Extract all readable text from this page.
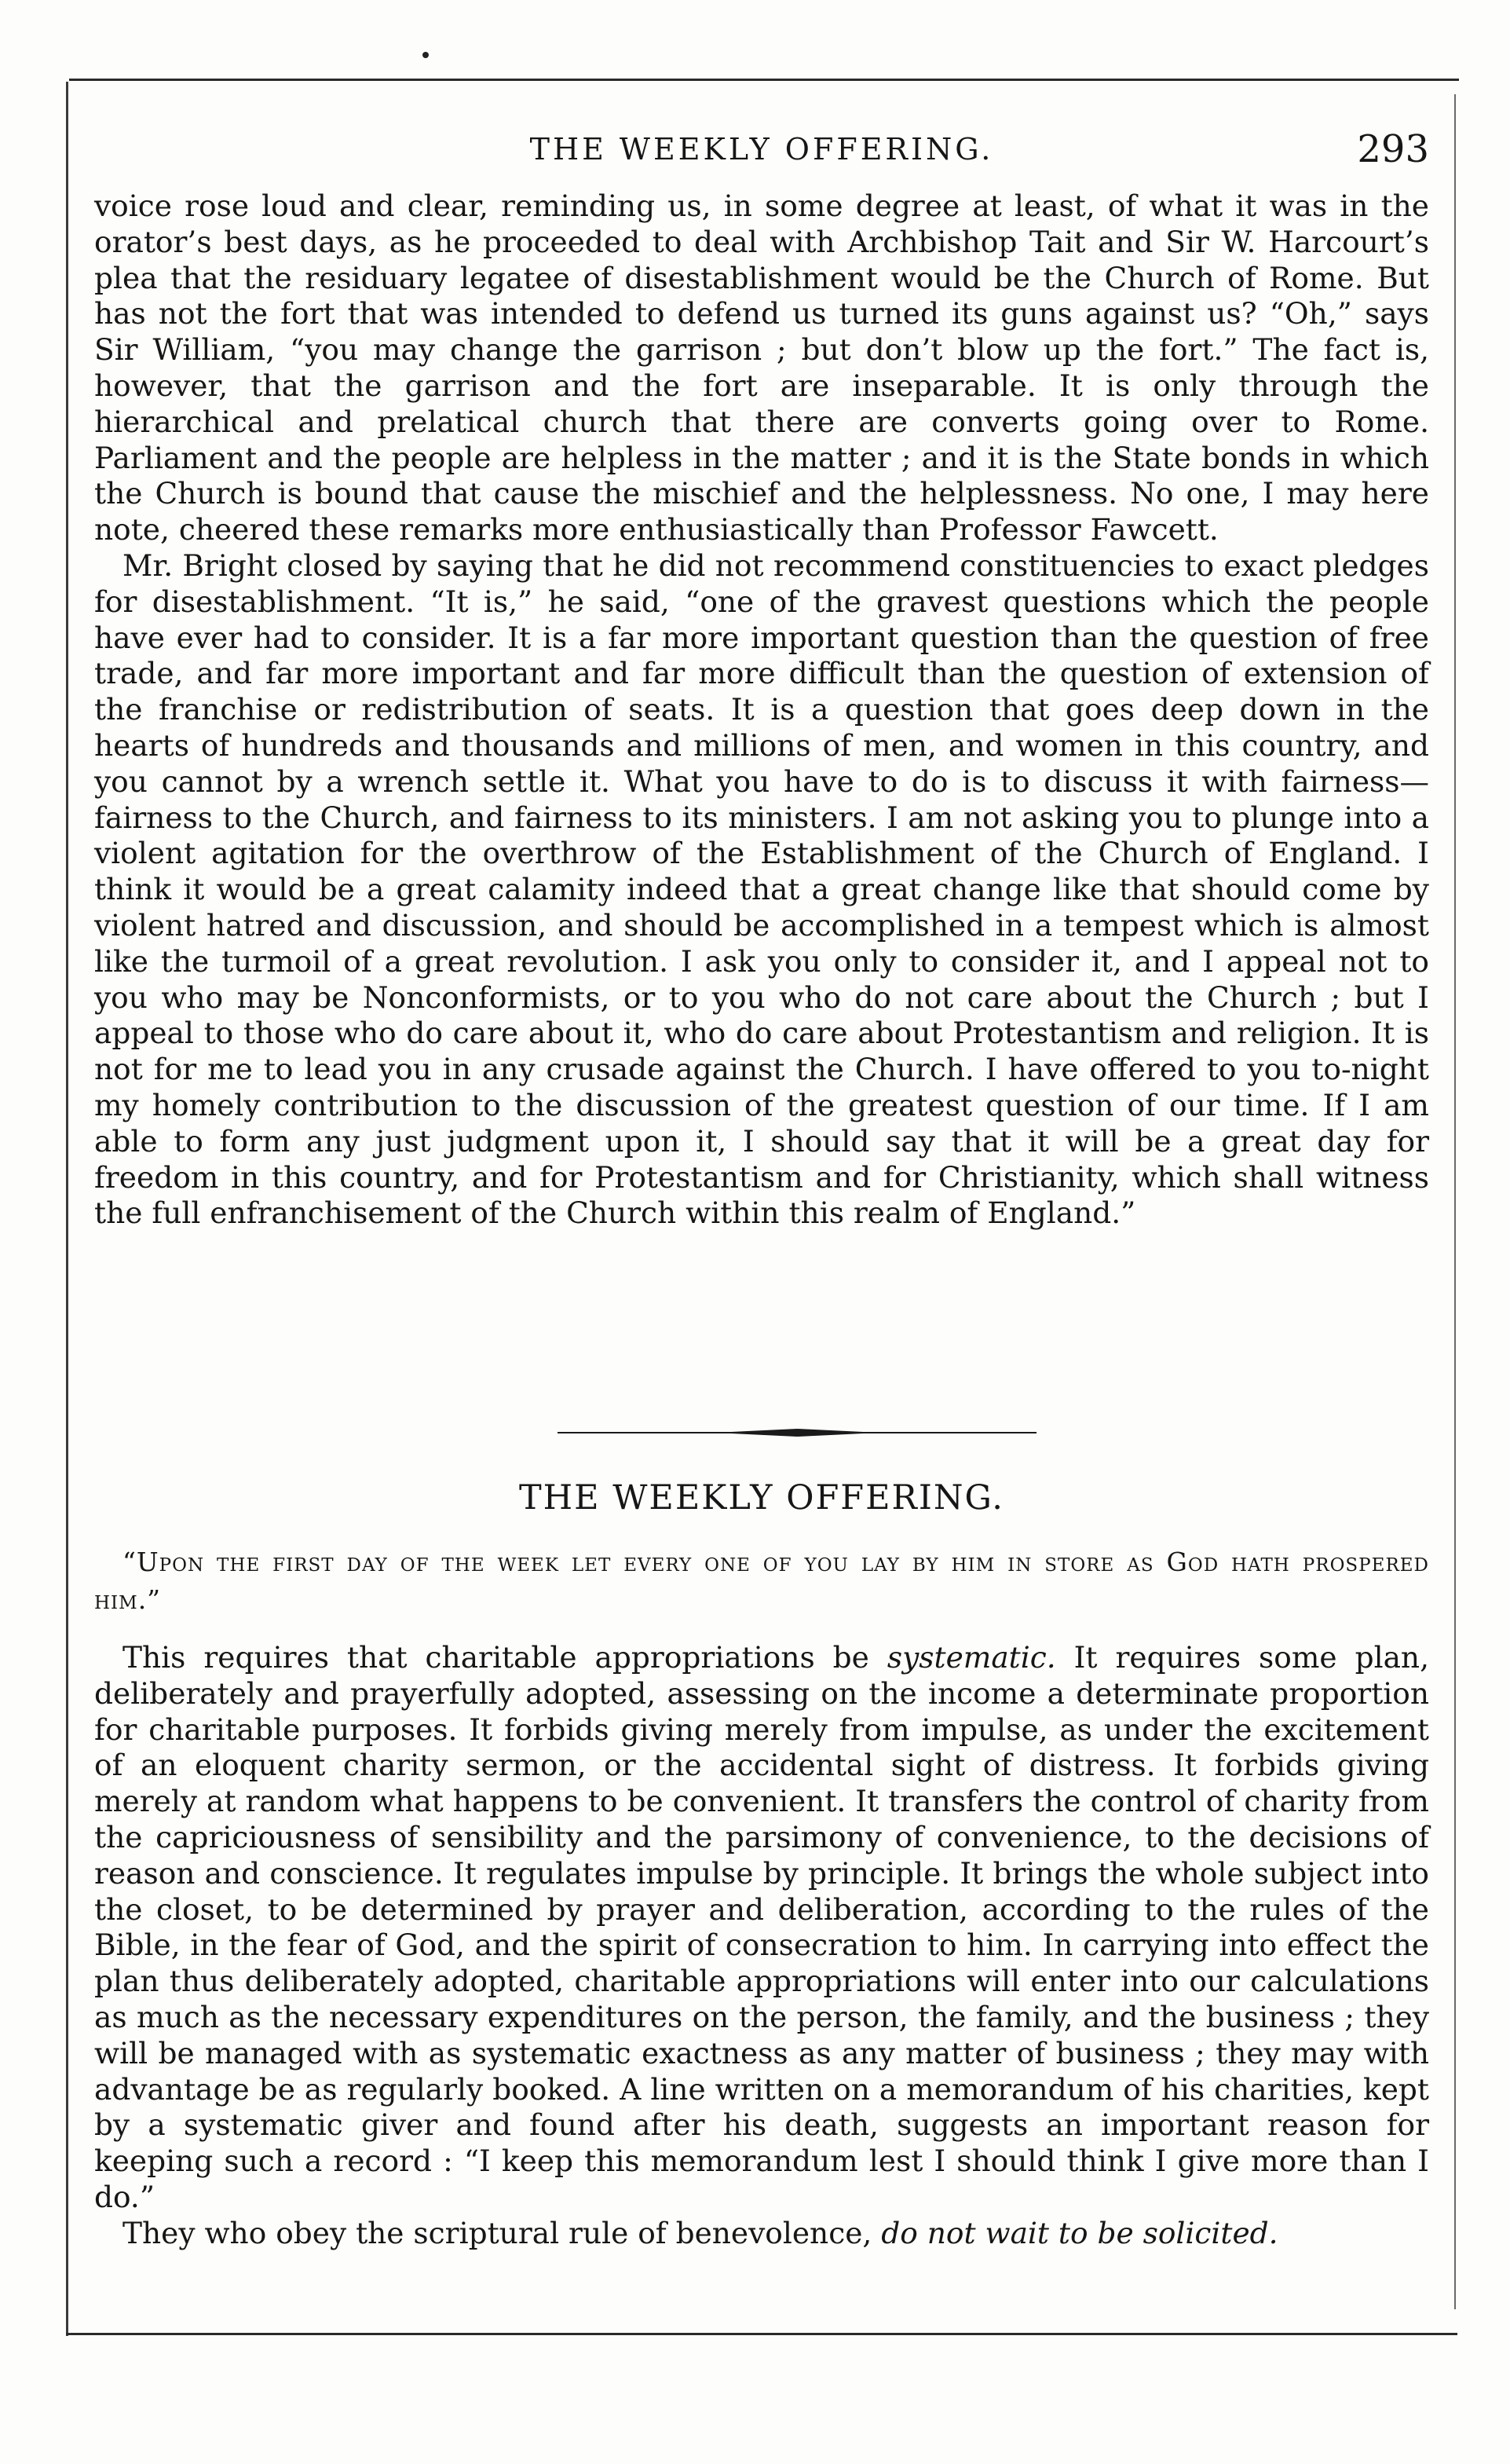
THE WEEKLY OFFERING.	293

voice rose loud and clear, reminding us, in some degree at least, of what it was in the orator’s best days, as he proceeded to deal with Archbishop Tait and Sir W. Harcourt’s plea that the residuary legatee of disestablishment would be the Church of Rome. But has not the fort that was intended to defend us turned its guns against us? “Oh,” says Sir William, “you may change the garrison ; but don’t blow up the fort.” The fact is, however, that the garrison and the fort are inseparable. It is only through the hierarchical and prelatical church that there are converts going over to Rome. Parliament and the people are helpless in the matter ; and it is the State bonds in which the Church is bound that cause the mischief and the helplessness. No one, I may here note, cheered these remarks more enthusiastically than Professor Fawcett.

Mr. Bright closed by saying that he did not recommend constituencies to exact pledges for disestablishment. “It is,” he said, “one of the gravest questions which the people have ever had to consider. It is a far more important question than the question of free trade, and far more important and far more difficult than the question of extension of the franchise or redistribution of seats. It is a question that goes deep down in the hearts of hundreds and thousands and millions of men, and women in this country, and you cannot by a wrench settle it. What you have to do is to discuss it with fairness—fairness to the Church, and fairness to its ministers. I am not asking you to plunge into a violent agitation for the overthrow of the Establishment of the Church of England. I think it would be a great calamity indeed that a great change like that should come by violent hatred and discussion, and should be accomplished in a tempest which is almost like the turmoil of a great revolution. I ask you only to consider it, and I appeal not to you who may be Nonconformists, or to you who do not care about the Church ; but I appeal to those who do care about it, who do care about Protestantism and religion. It is not for me to lead you in any crusade against the Church. I have offered to you to-night my homely contribution to the discussion of the greatest question of our time. If I am able to form any just judgment upon it, I should say that it will be a great day for freedom in this country, and for Protestantism and for Christianity, which shall witness the full enfranchisement of the Church within this realm of England.”

THE WEEKLY OFFERING.

“Upon the first day of the week let every one of you lay by him in store as God hath prospered him.”

This requires that charitable appropriations be systematic. It requires some plan, deliberately and prayerfully adopted, assessing on the income a determinate proportion for charitable purposes. It forbids giving merely from impulse, as under the excitement of an eloquent charity sermon, or the accidental sight of distress. It forbids giving merely at random what happens to be convenient. It transfers the control of charity from the capriciousness of sensibility and the parsimony of convenience, to the decisions of reason and conscience. It regulates impulse by principle. It brings the whole subject into the closet, to be determined by prayer and deliberation, according to the rules of the Bible, in the fear of God, and the spirit of consecration to him. In carrying into effect the plan thus deliberately adopted, charitable appropriations will enter into our calculations as much as the necessary expenditures on the person, the family, and the business ; they will be managed with as systematic exactness as any matter of business ; they may with advantage be as regularly booked. A line written on a memorandum of his charities, kept by a systematic giver and found after his death, suggests an important reason for keeping such a record : “I keep this memorandum lest I should think I give more than I do.”

They who obey the scriptural rule of benevolence, do not wait to be solicited.
